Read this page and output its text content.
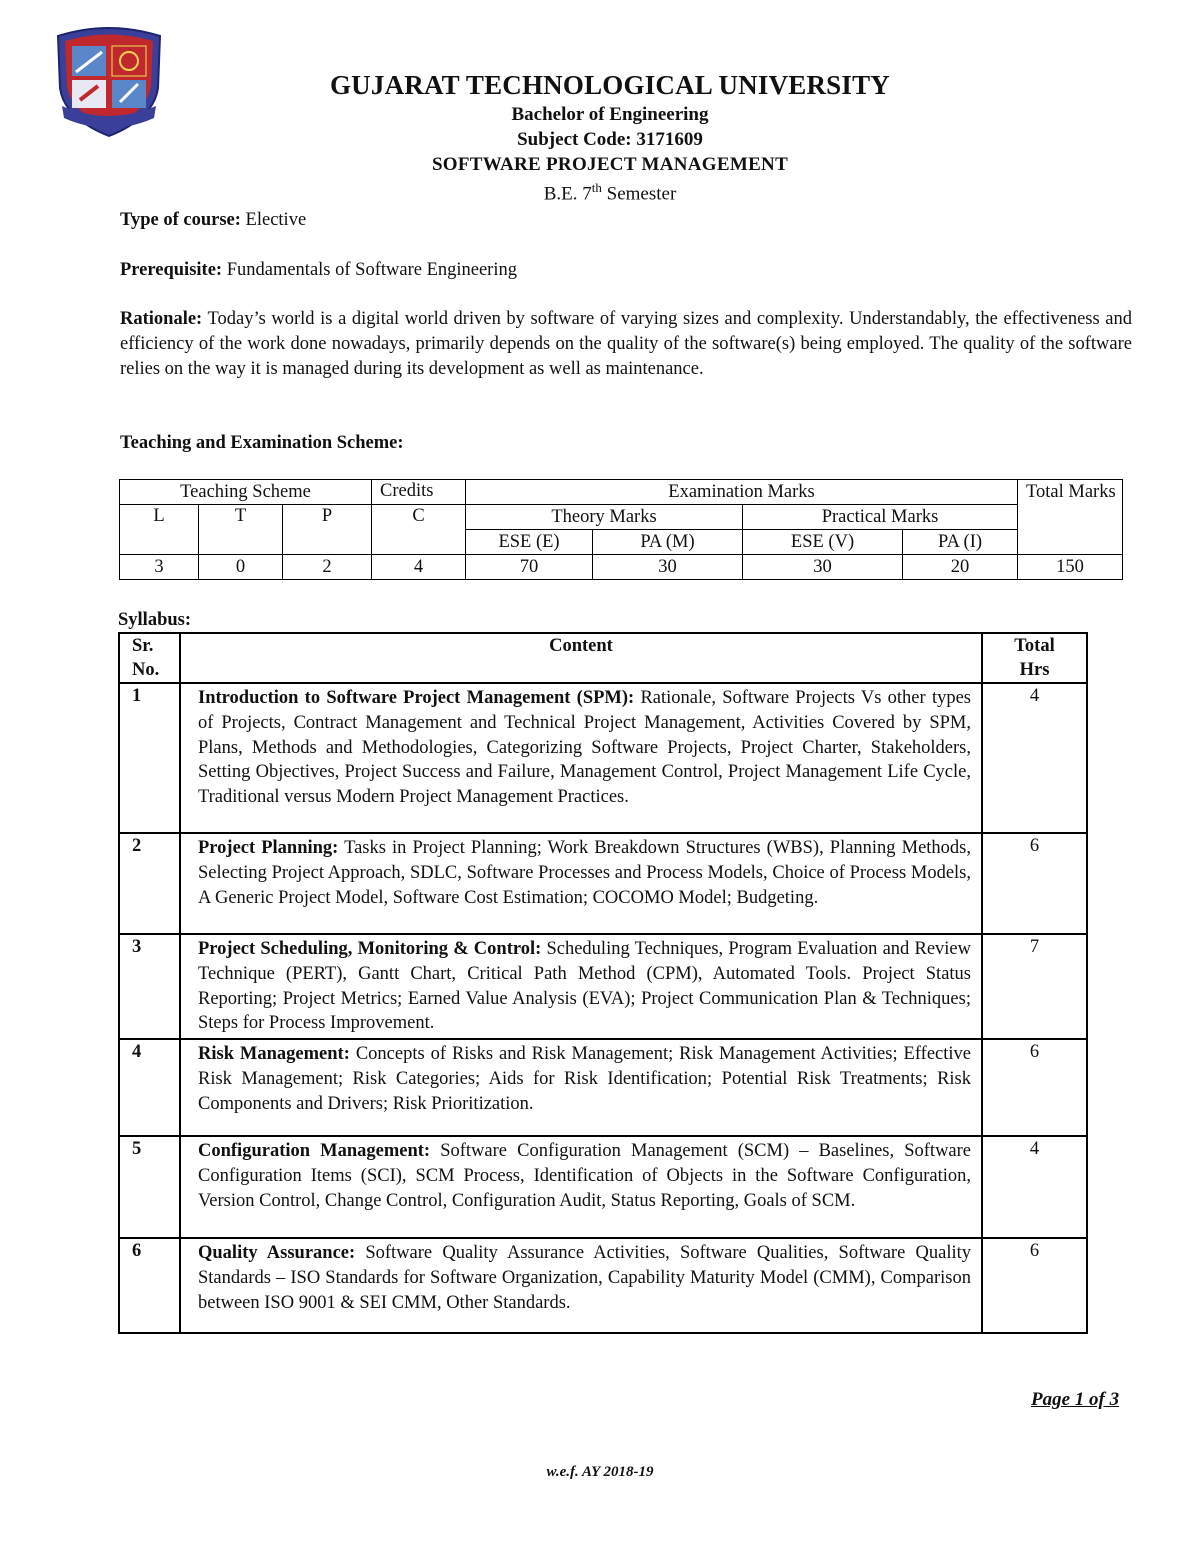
GUJARAT TECHNOLOGICAL UNIVERSITY
Bachelor of Engineering
Subject Code: 3171609
SOFTWARE PROJECT MANAGEMENT
B.E. 7th Semester
Type of course: Elective
Prerequisite: Fundamentals of Software Engineering
Rationale: Today’s world is a digital world driven by software of varying sizes and complexity. Understandably, the effectiveness and efficiency of the work done nowadays, primarily depends on the quality of the software(s) being employed. The quality of the software relies on the way it is managed during its development as well as maintenance.
Teaching and Examination Scheme:
Teaching Scheme			Credits	Examination Marks				Total Marks
L	T	P	C	Theory Marks		Practical Marks		
				ESE (E)	PA (M)	ESE (V)	PA (I)	
3	0	2	4	70	30	30	20	150
Syllabus:
Sr. No.	Content	Total Hrs
1	Introduction to Software Project Management (SPM): Rationale, Software Projects Vs other types of Projects, Contract Management and Technical Project Management, Activities Covered by SPM, Plans, Methods and Methodologies, Categorizing Software Projects, Project Charter, Stakeholders, Setting Objectives, Project Success and Failure, Management Control, Project Management Life Cycle, Traditional versus Modern Project Management Practices.	4
2	Project Planning: Tasks in Project Planning; Work Breakdown Structures (WBS), Planning Methods, Selecting Project Approach, SDLC, Software Processes and Process Models, Choice of Process Models, A Generic Project Model, Software Cost Estimation; COCOMO Model; Budgeting.	6
3	Project Scheduling, Monitoring & Control: Scheduling Techniques, Program Evaluation and Review Technique (PERT), Gantt Chart, Critical Path Method (CPM), Automated Tools. Project Status Reporting; Project Metrics; Earned Value Analysis (EVA); Project Communication Plan & Techniques; Steps for Process Improvement.	7
4	Risk Management: Concepts of Risks and Risk Management; Risk Management Activities; Effective Risk Management; Risk Categories; Aids for Risk Identification; Potential Risk Treatments; Risk Components and Drivers; Risk Prioritization.	6
5	Configuration Management: Software Configuration Management (SCM) – Baselines, Software Configuration Items (SCI), SCM Process, Identification of Objects in the Software Configuration, Version Control, Change Control, Configuration Audit, Status Reporting, Goals of SCM.	4
6	Quality Assurance: Software Quality Assurance Activities, Software Qualities, Software Quality Standards – ISO Standards for Software Organization, Capability Maturity Model (CMM), Comparison between ISO 9001 & SEI CMM, Other Standards.	6
Page 1 of 3
w.e.f. AY 2018-19
